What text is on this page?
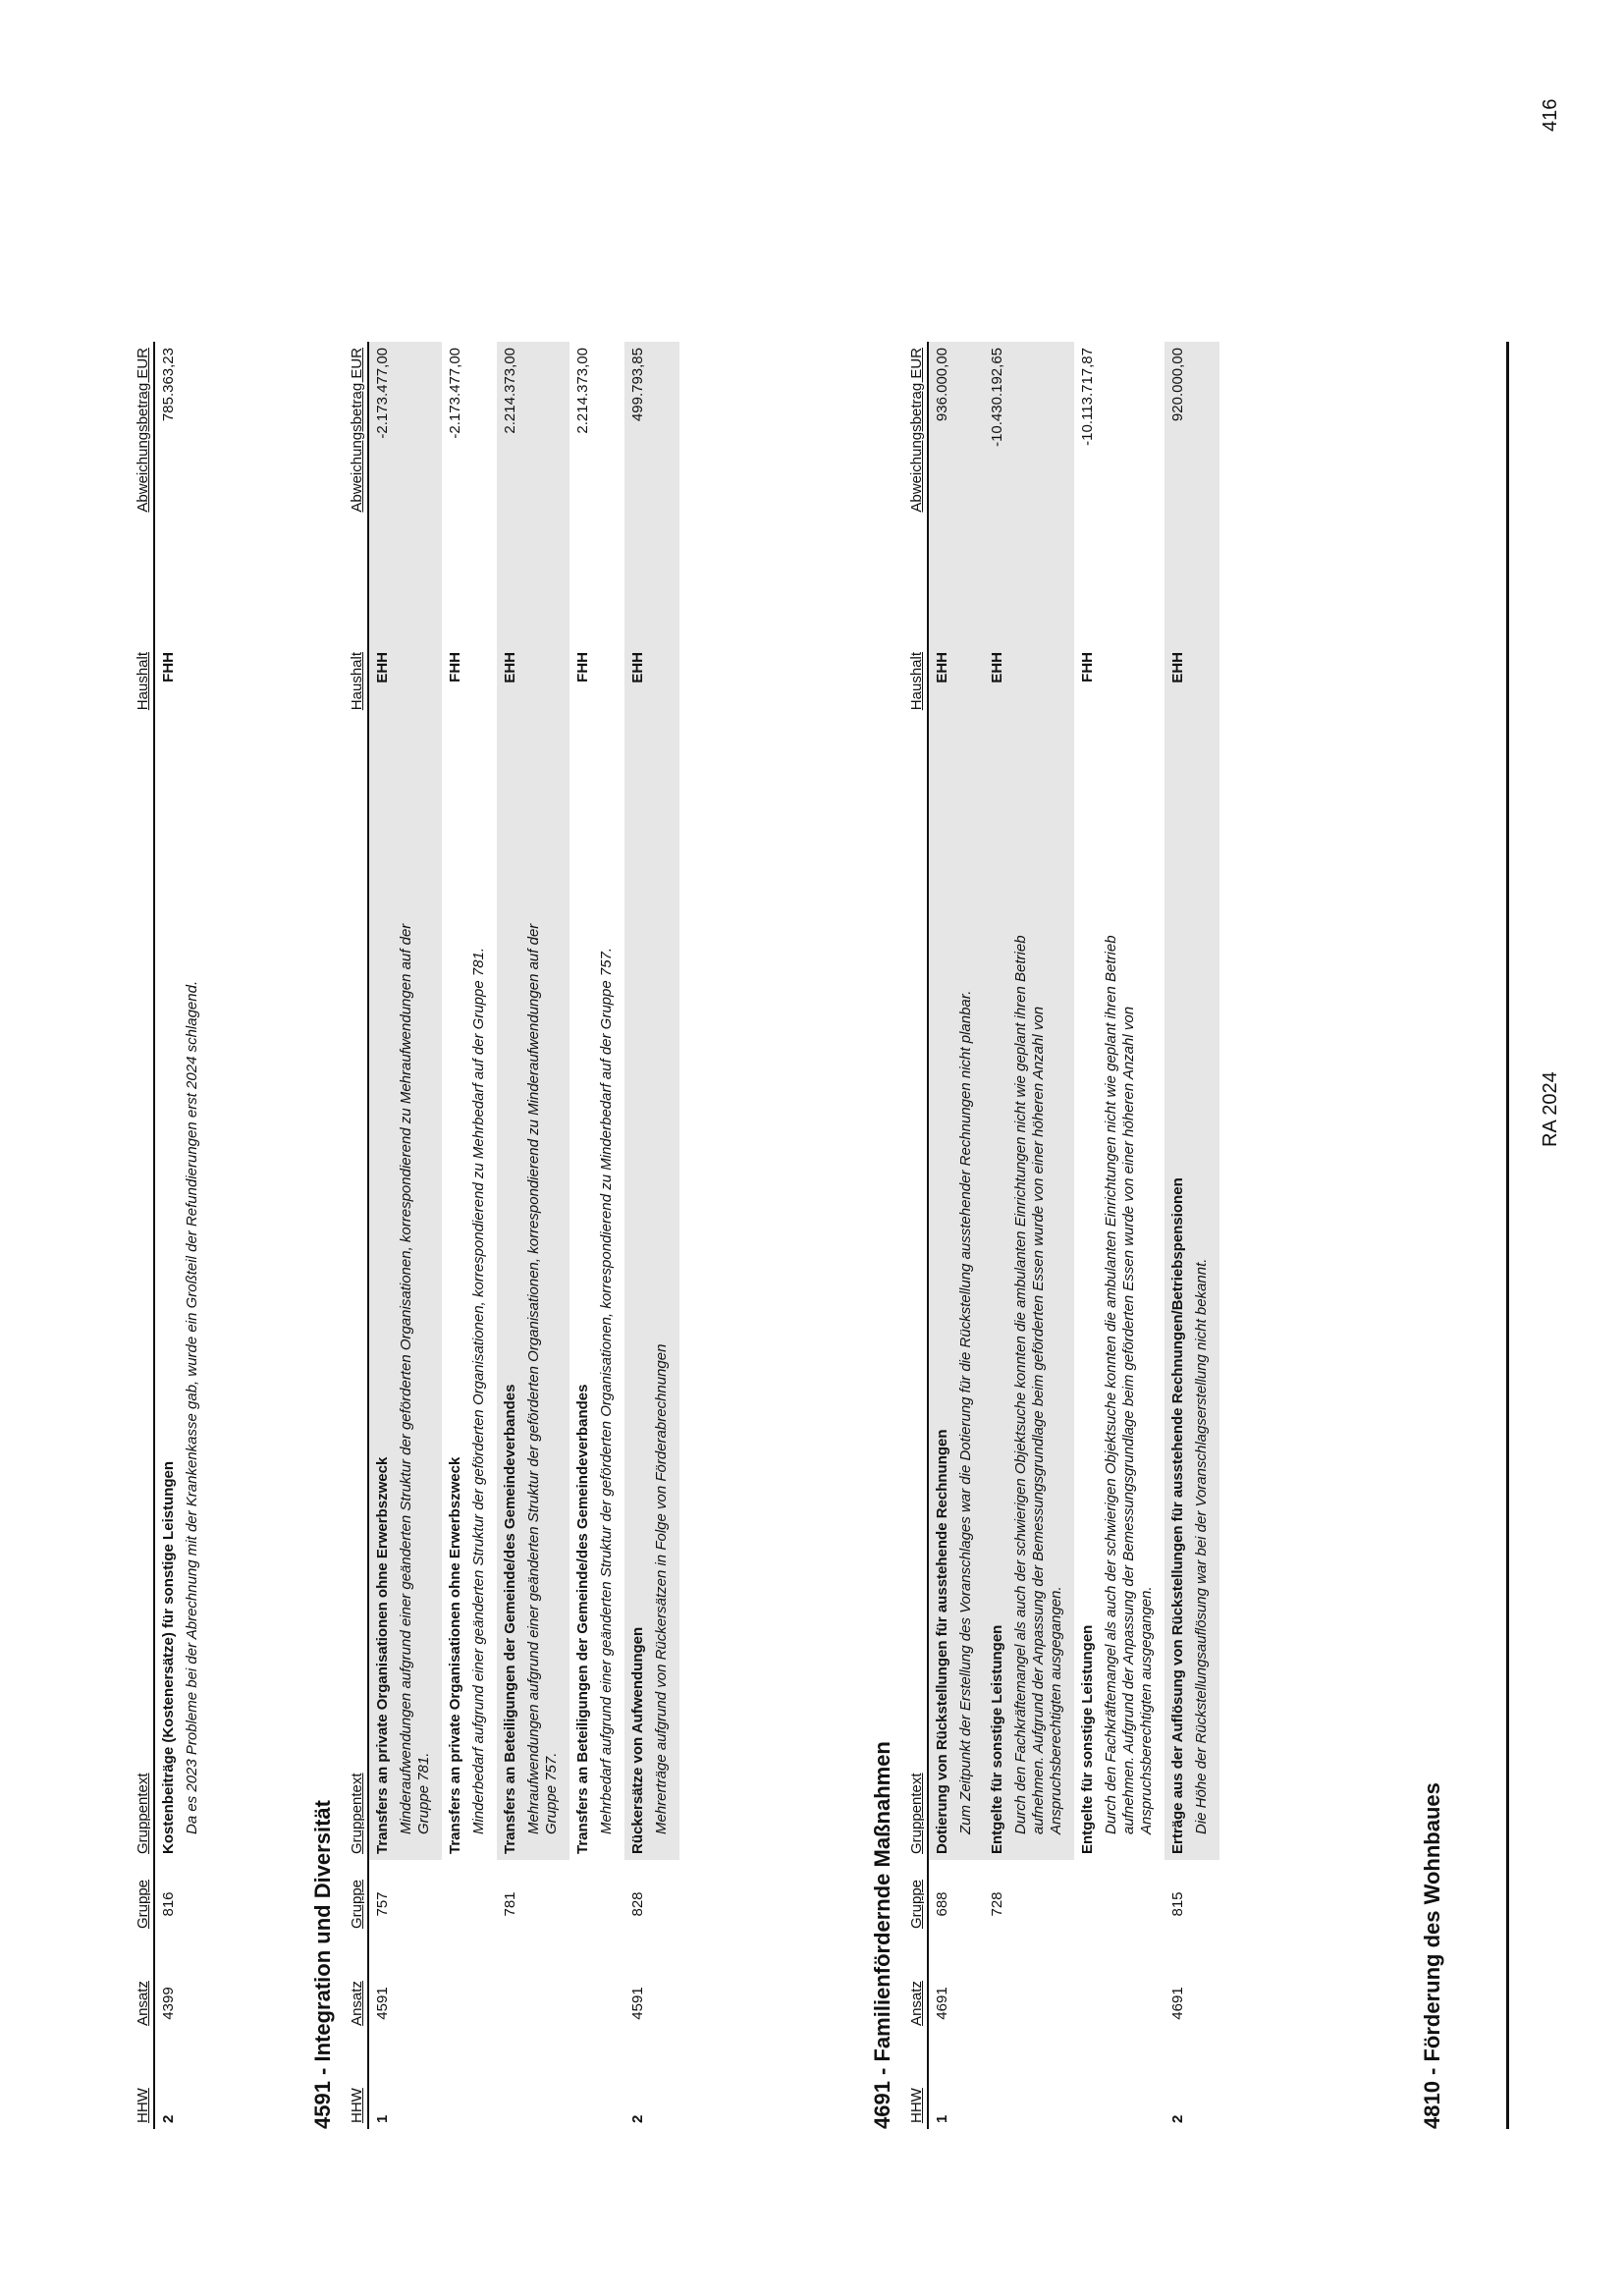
HHW	Ansatz	Gruppe	Gruppentext	Haushalt	Abweichungsbetrag EUR
2	4399	816	Kostenbeiträge (Kostenersätze) für sonstige Leistungen Da es 2023 Probleme bei der Abrechnung mit der Krankenkasse gab, wurde ein Großteil der Refundierungen erst 2024 schlagend.	FHH	785.363,23
4591 - Integration und Diversität HHW	Ansatz	Gruppe	Gruppentext	Haushalt	Abweichungsbetrag EUR
1	4591	757	Transfers an private Organisationen ohne Erwerbszweck Minderaufwendungen aufgrund einer geänderten Struktur der geförderten Organisationen, korrespondierend zu Mehraufwendungen auf der Gruppe 781.	EHH	-2.173.477,00

			Transfers an private Organisationen ohne Erwerbszweck Minderbedarf aufgrund einer geänderten Struktur der geförderten Organisationen, korrespondierend zu Mehrbedarf auf der Gruppe 781.	FHH	-2.173.477,00
		781	Transfers an Beteiligungen der Gemeinde/des Gemeindeverbandes Mehraufwendungen aufgrund einer geänderten Struktur der geförderten Organisationen, korrespondierend zu Minderaufwendungen auf der Gruppe 757.	EHH	2.214.373,00

			Transfers an Beteiligungen der Gemeinde/des Gemeindeverbandes Mehrbedarf aufgrund einer geänderten Struktur der geförderten Organisationen, korrespondierend zu Minderbedarf auf der Gruppe 757.	FHH	2.214.373,00
2	4591	828	Rückersätze von Aufwendungen Mehrerträge aufgrund von Rückersätzen in Folge von Förderabrechnungen	EHH	499.793,85
4691 - Familienfördernde Maßnahmen HHW	Ansatz	Gruppe	Gruppentext	Haushalt	Abweichungsbetrag EUR
1	4691	688	Dotierung von Rückstellungen für ausstehende Rechnungen Zum Zeitpunkt der Erstellung des Voranschlages war die Dotierung für die Rückstellung ausstehender Rechnungen nicht planbar.	EHH	936.000,00
		728	Entgelte für sonstige Leistungen Durch den Fachkräftemangel als auch der schwierigen Objektsuche konnten die ambulanten Einrichtungen nicht wie geplant ihren Betrieb aufnehmen. Aufgrund der Anpassung der Bemessungsgrundlage beim geförderten Essen wurde von einer höheren Anzahl von Anspruchsberechtigten ausgegangen.	EHH	-10.430.192,65

			Entgelte für sonstige Leistungen Durch den Fachkräftemangel als auch der schwierigen Objektsuche konnten die ambulanten Einrichtungen nicht wie geplant ihren Betrieb aufnehmen. Aufgrund der Anpassung der Bemessungsgrundlage beim geförderten Essen wurde von einer höheren Anzahl von Anspruchsberechtigten ausgegangen.	FHH	-10.113.717,87
2	4691	815	Erträge aus der Auflösung von Rückstellungen für ausstehende Rechnungen/Betriebspensionen Die Höhe der Rückstellungsauflösung war bei der Voranschlagserstellung nicht bekannt.	EHH	920.000,00
4810 - Förderung des Wohnbaues
RA 2024
416
